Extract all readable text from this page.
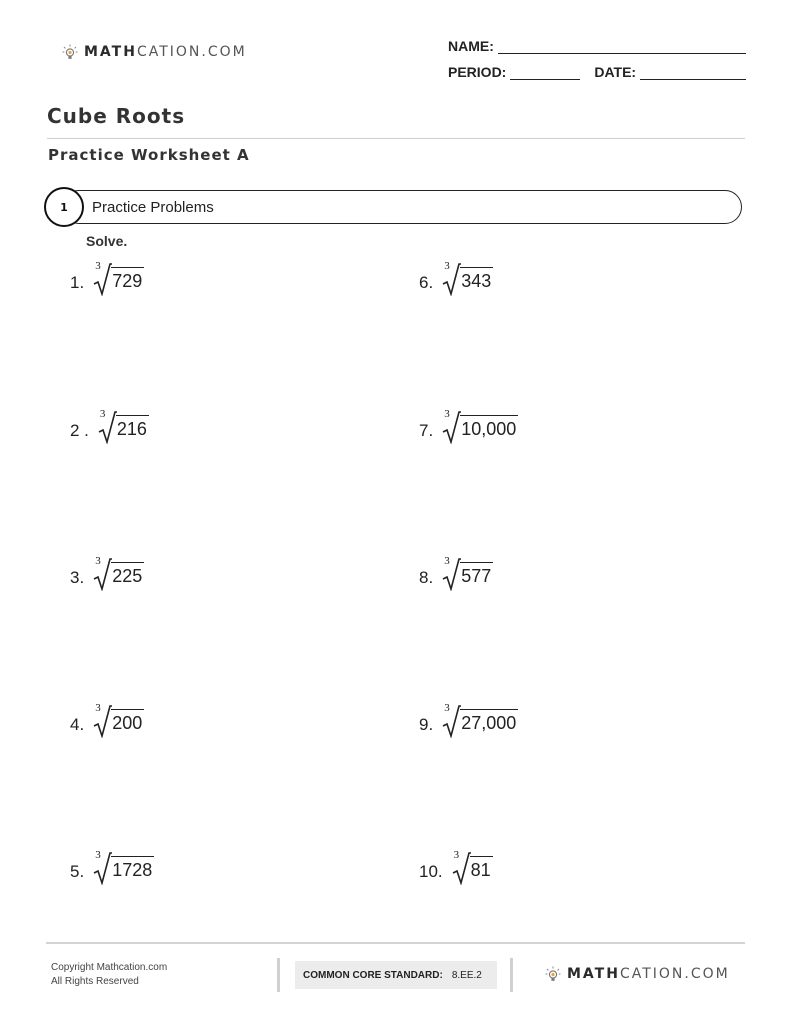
MATH CATION.COM	NAME:
PERIOD:	DATE:
Cube Roots
Practice Worksheet A
1	Practice Problems
Solve.
1.
3
729
2 .
3
216
3.
3
225
4.
3
200
5.
3
1728
6.
3
343
7.
3
10,000
8.
3
577
9.
3
27,000
10.
3
81
Copyright Mathcation.com
All Rights Reserved
COMMON CORE STANDARD: 8.EE.2	MATH CATION.COM
